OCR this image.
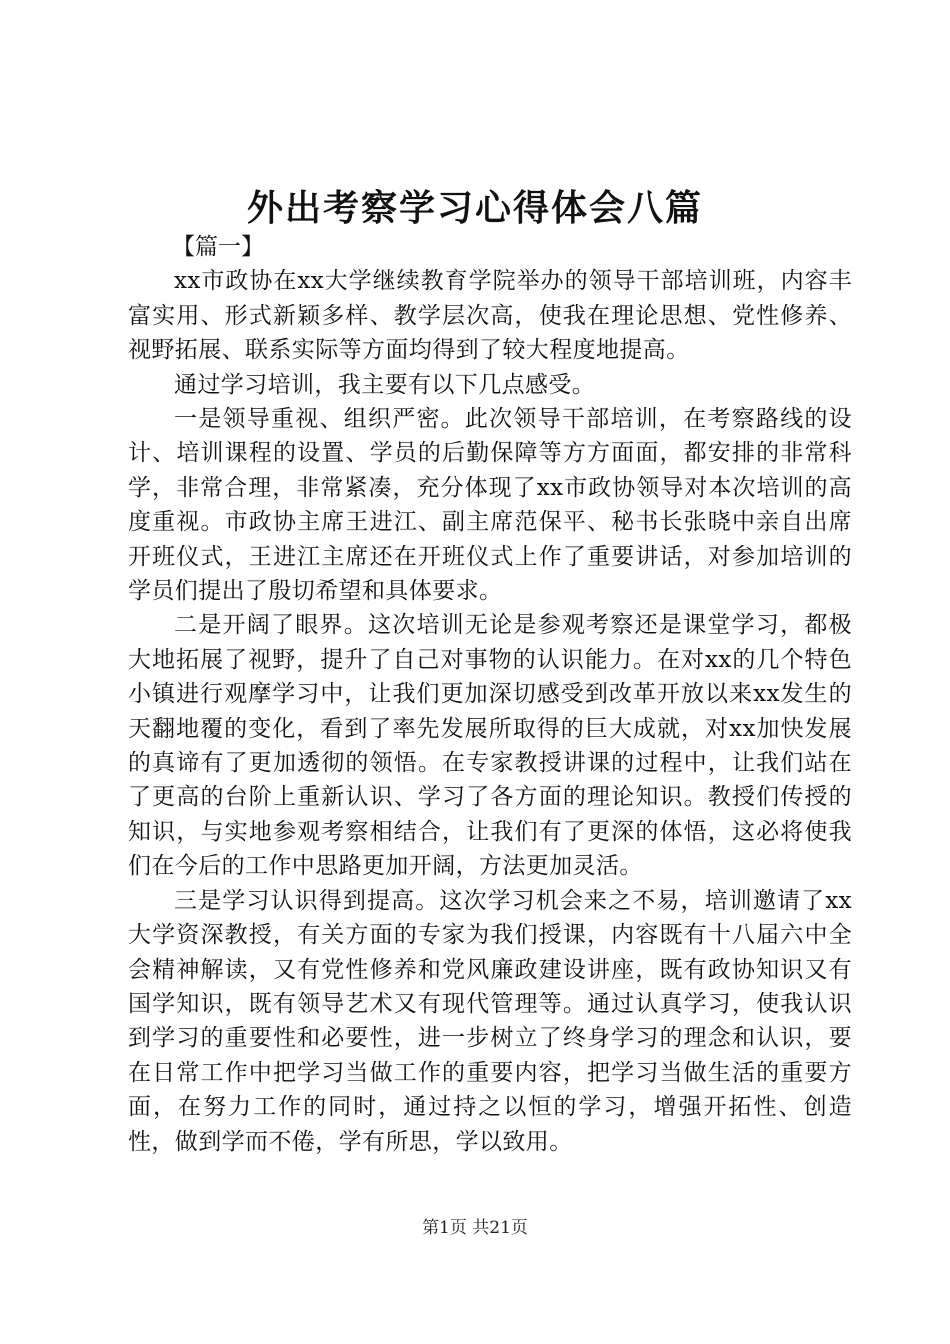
外出考察学习心得体会八篇

【篇一】

xx市政协在xx大学继续教育学院举办的领导干部培训班，内容丰富实用、形式新颖多样、教学层次高，使我在理论思想、党性修养、视野拓展、联系实际等方面均得到了较大程度地提高。

通过学习培训，我主要有以下几点感受。

一是领导重视、组织严密。此次领导干部培训，在考察路线的设计、培训课程的设置、学员的后勤保障等方方面面，都安排的非常科学，非常合理，非常紧凑，充分体现了xx市政协领导对本次培训的高度重视。市政协主席王进江、副主席范保平、秘书长张晓中亲自出席开班仪式，王进江主席还在开班仪式上作了重要讲话，对参加培训的学员们提出了殷切希望和具体要求。

二是开阔了眼界。这次培训无论是参观考察还是课堂学习，都极大地拓展了视野，提升了自己对事物的认识能力。在对xx的几个特色小镇进行观摩学习中，让我们更加深切感受到改革开放以来xx发生的天翻地覆的变化，看到了率先发展所取得的巨大成就，对xx加快发展的真谛有了更加透彻的领悟。在专家教授讲课的过程中，让我们站在了更高的台阶上重新认识、学习了各方面的理论知识。教授们传授的知识，与实地参观考察相结合，让我们有了更深的体悟，这必将使我们在今后的工作中思路更加开阔，方法更加灵活。

三是学习认识得到提高。这次学习机会来之不易，培训邀请了xx大学资深教授，有关方面的专家为我们授课，内容既有十八届六中全会精神解读，又有党性修养和党风廉政建设讲座，既有政协知识又有国学知识，既有领导艺术又有现代管理等。通过认真学习，使我认识到学习的重要性和必要性，进一步树立了终身学习的理念和认识，要在日常工作中把学习当做工作的重要内容，把学习当做生活的重要方面，在努力工作的同时，通过持之以恒的学习，增强开拓性、创造性，做到学而不倦，学有所思，学以致用。

第1页 共21页
